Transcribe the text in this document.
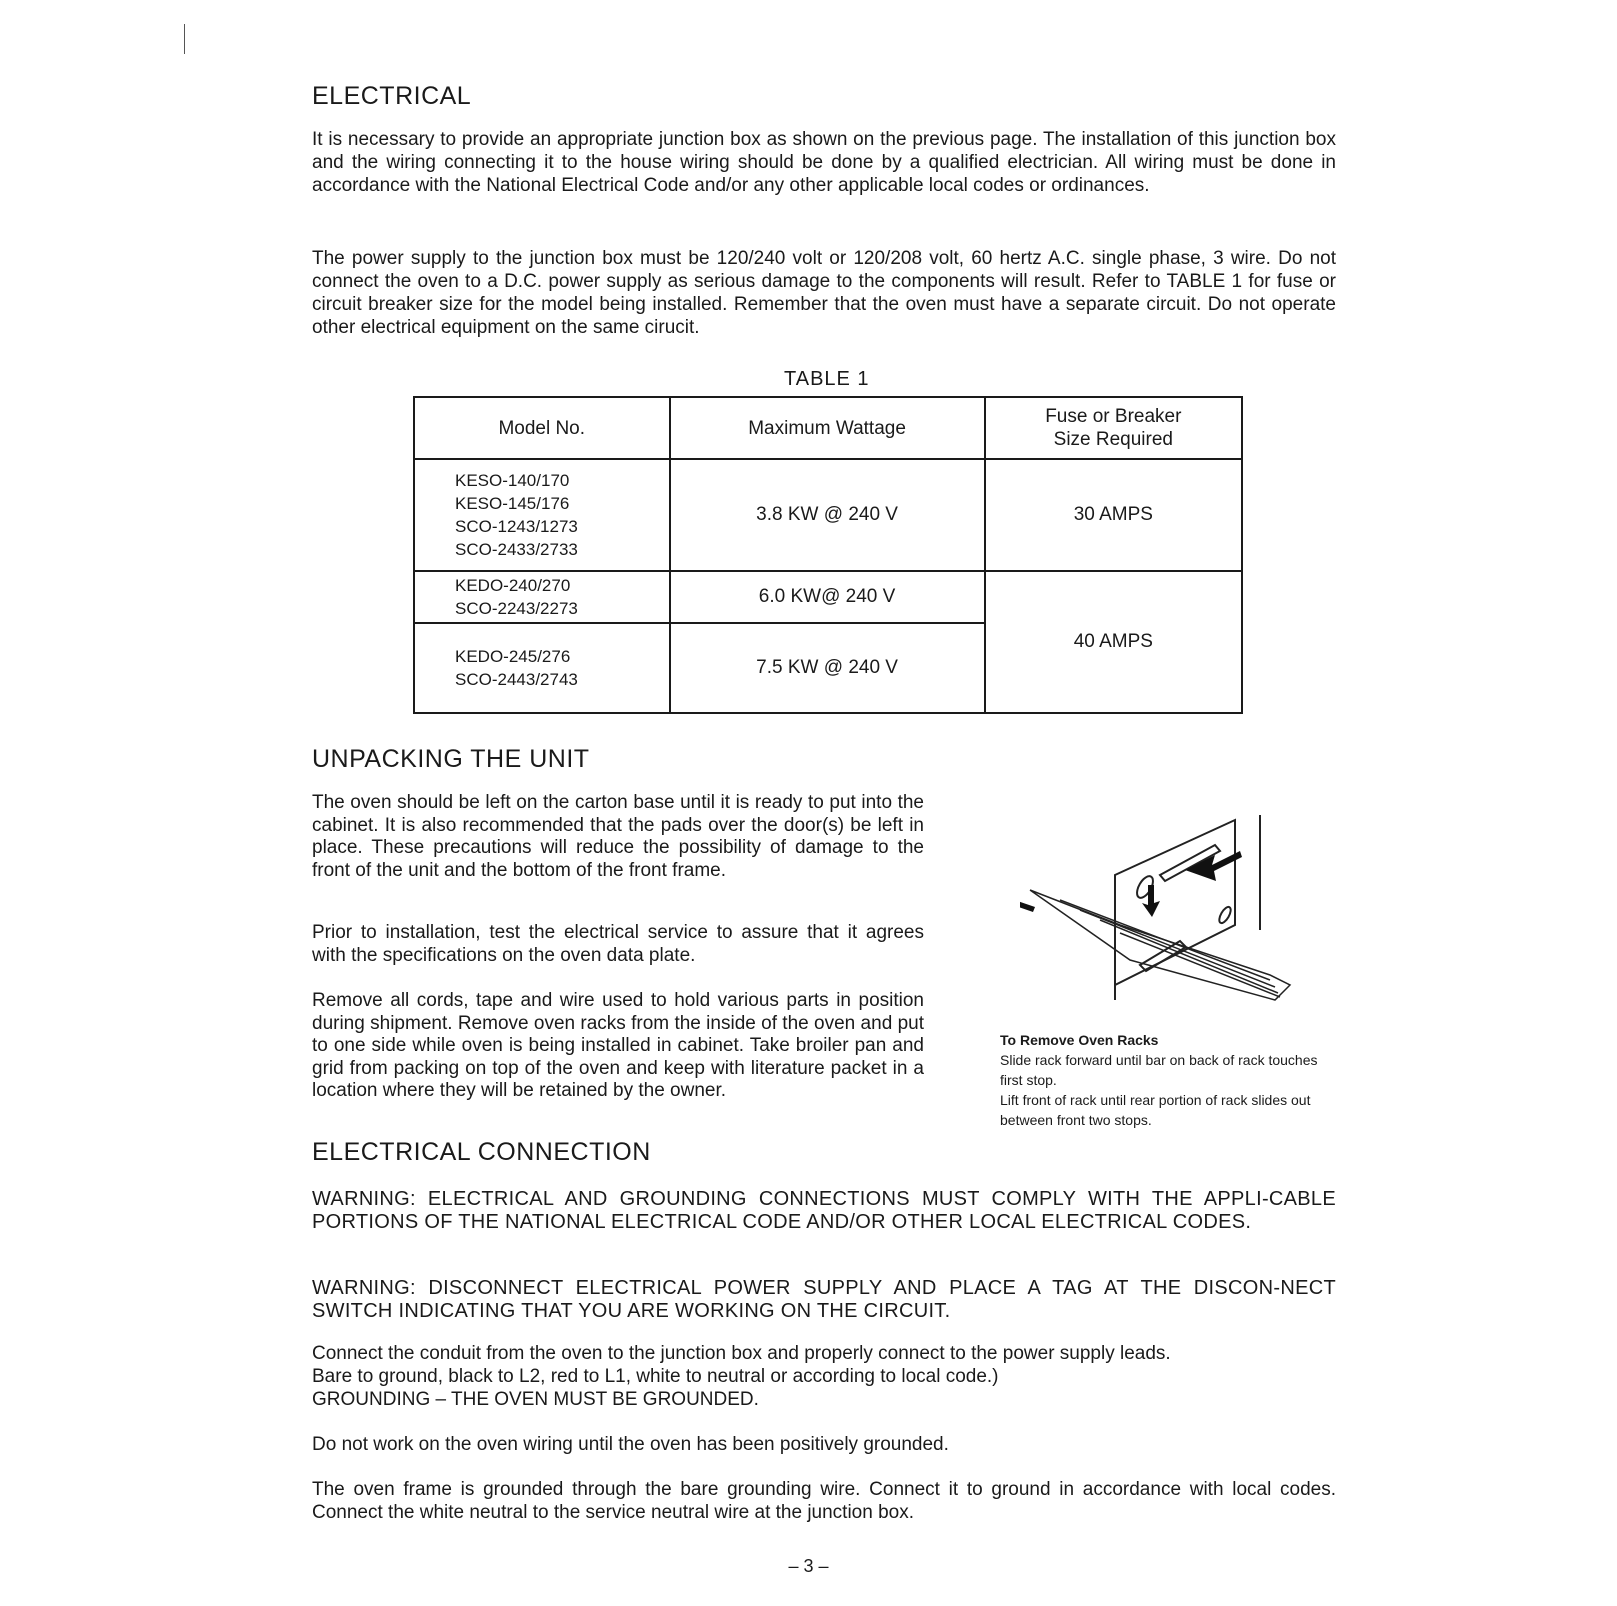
ELECTRICAL

It is necessary to provide an appropriate junction box as shown on the previous page. The installation of this junction box and the wiring connecting it to the house wiring should be done by a qualified electrician. All wiring must be done in accordance with the National Electrical Code and/or any other applicable local codes or ordinances.

The power supply to the junction box must be 120/240 volt or 120/208 volt, 60 hertz A.C. single phase, 3 wire. Do not connect the oven to a D.C. power supply as serious damage to the components will result. Refer to TABLE 1 for fuse or circuit breaker size for the model being installed. Remember that the oven must have a separate circuit. Do not operate other electrical equipment on the same cirucit.

TABLE 1
Model No.	Maximum Wattage	Fuse or Breaker
Size Required

KESO-140/170
KESO-145/176
SCO-1243/1273
SCO-2433/2733	3.8 KW @ 240 V	30 AMPS

KEDO-240/270
SCO-2243/2273	6.0 KW@ 240 V	40 AMPS

KEDO-245/276
SCO-2443/2743	7.5 KW @ 240 V	
UNPACKING THE UNIT

The oven should be left on the carton base until it is ready to put into the cabinet. It is also recommended that the pads over the door(s) be left in place. These precautions will reduce the possibility of damage to the front of the unit and the bottom of the front frame.

Prior to installation, test the electrical service to assure that it agrees with the specifications on the oven data plate.

Remove all cords, tape and wire used to hold various parts in position during shipment. Remove oven racks from the inside of the oven and put to one side while oven is being installed in cabinet. Take broiler pan and grid from packing on top of the oven and keep with literature packet in a location where they will be retained by the owner.

To Remove Oven Racks
Slide rack forward until bar on back of rack touches first stop.
Lift front of rack until rear portion of rack slides out between front two stops.
ELECTRICAL CONNECTION

WARNING: ELECTRICAL AND GROUNDING CONNECTIONS MUST COMPLY WITH THE APPLI-CABLE PORTIONS OF THE NATIONAL ELECTRICAL CODE AND/OR OTHER LOCAL ELECTRICAL CODES.

WARNING: DISCONNECT ELECTRICAL POWER SUPPLY AND PLACE A TAG AT THE DISCON-NECT SWITCH INDICATING THAT YOU ARE WORKING ON THE CIRCUIT.

Connect the conduit from the oven to the junction box and properly connect to the power supply leads.
Bare to ground, black to L2, red to L1, white to neutral or according to local code.)
GROUNDING – THE OVEN MUST BE GROUNDED.

Do not work on the oven wiring until the oven has been positively grounded.

The oven frame is grounded through the bare grounding wire. Connect it to ground in accordance with local codes. Connect the white neutral to the service neutral wire at the junction box.

– 3 –
